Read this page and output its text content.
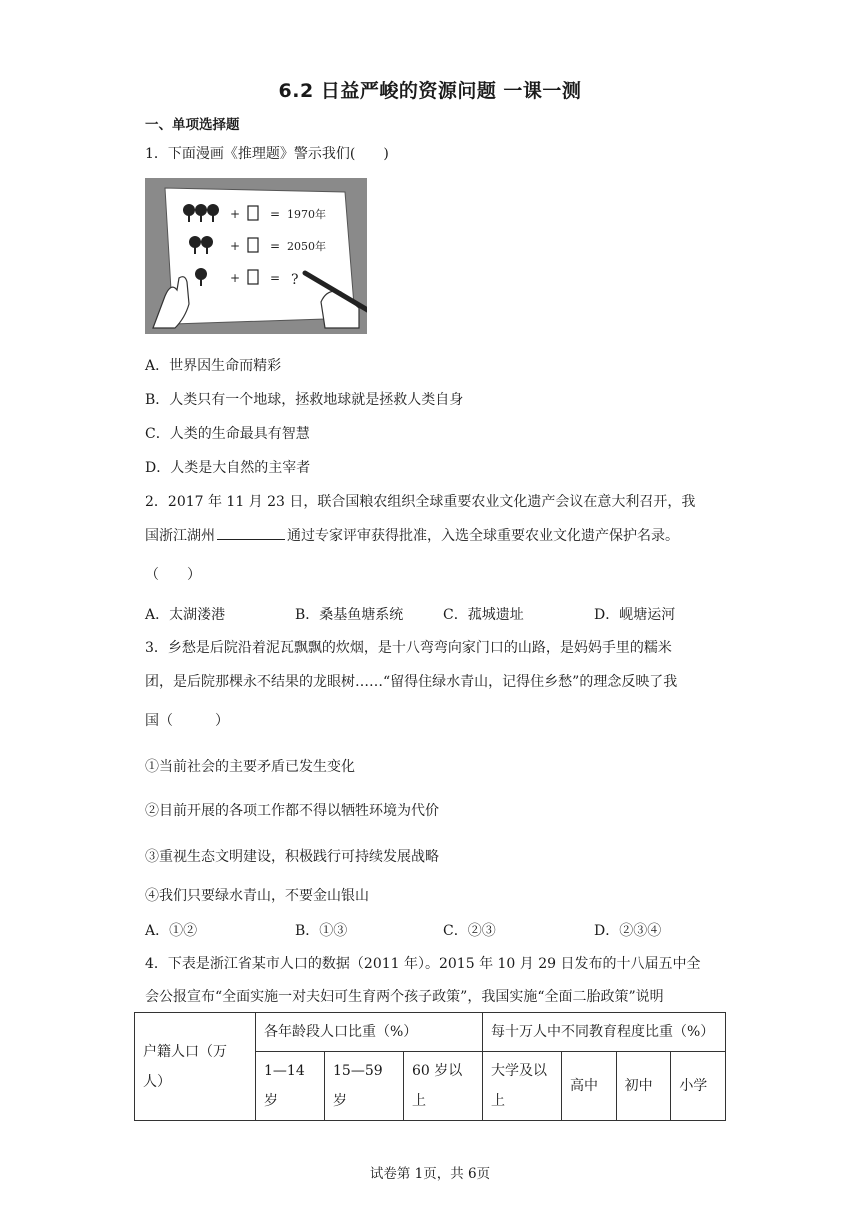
6.2 日益严峻的资源问题 一课一测
一、单项选择题
1．下面漫画《推理题》警示我们(　　)
+ = 1970年
+ = 2050年
+ = ?
A．世界因生命而精彩
B．人类只有一个地球，拯救地球就是拯救人类自身
C．人类的生命最具有智慧
D．人类是大自然的主宰者
2．2017 年 11 月 23 日，联合国粮农组织全球重要农业文化遗产会议在意大利召开，我
国浙江湖州	通过专家评审获得批准，入选全球重要农业文化遗产保护名录。
（　　）
A．太湖溇港	B．桑基鱼塘系统	C．菰城遗址	D．岘塘运河
3．乡愁是后院沿着泥瓦飘飘的炊烟，是十八弯弯向家门口的山路，是妈妈手里的糯米
团，是后院那棵永不结果的龙眼树……“留得住绿水青山，记得住乡愁”的理念反映了我
国（　　　）
①当前社会的主要矛盾已发生变化
②目前开展的各项工作都不得以牺牲环境为代价
③重视生态文明建设，积极践行可持续发展战略
④我们只要绿水青山，不要金山银山
A．①②	B．①③	C．②③	D．②③④
4．下表是浙江省某市人口的数据（2011 年）。2015 年 10 月 29 日发布的十八届五中全
会公报宣布“全面实施一对夫妇可生育两个孩子政策”，我国实施“全面二胎政策”说明
户籍人口（万人）	各年龄段人口比重（%）			每十万人中不同教育程度比重（%）			
	1—14岁	15—59岁	60 岁以上	大学及以上	高中	初中	小学
试卷第 1页，共 6页
